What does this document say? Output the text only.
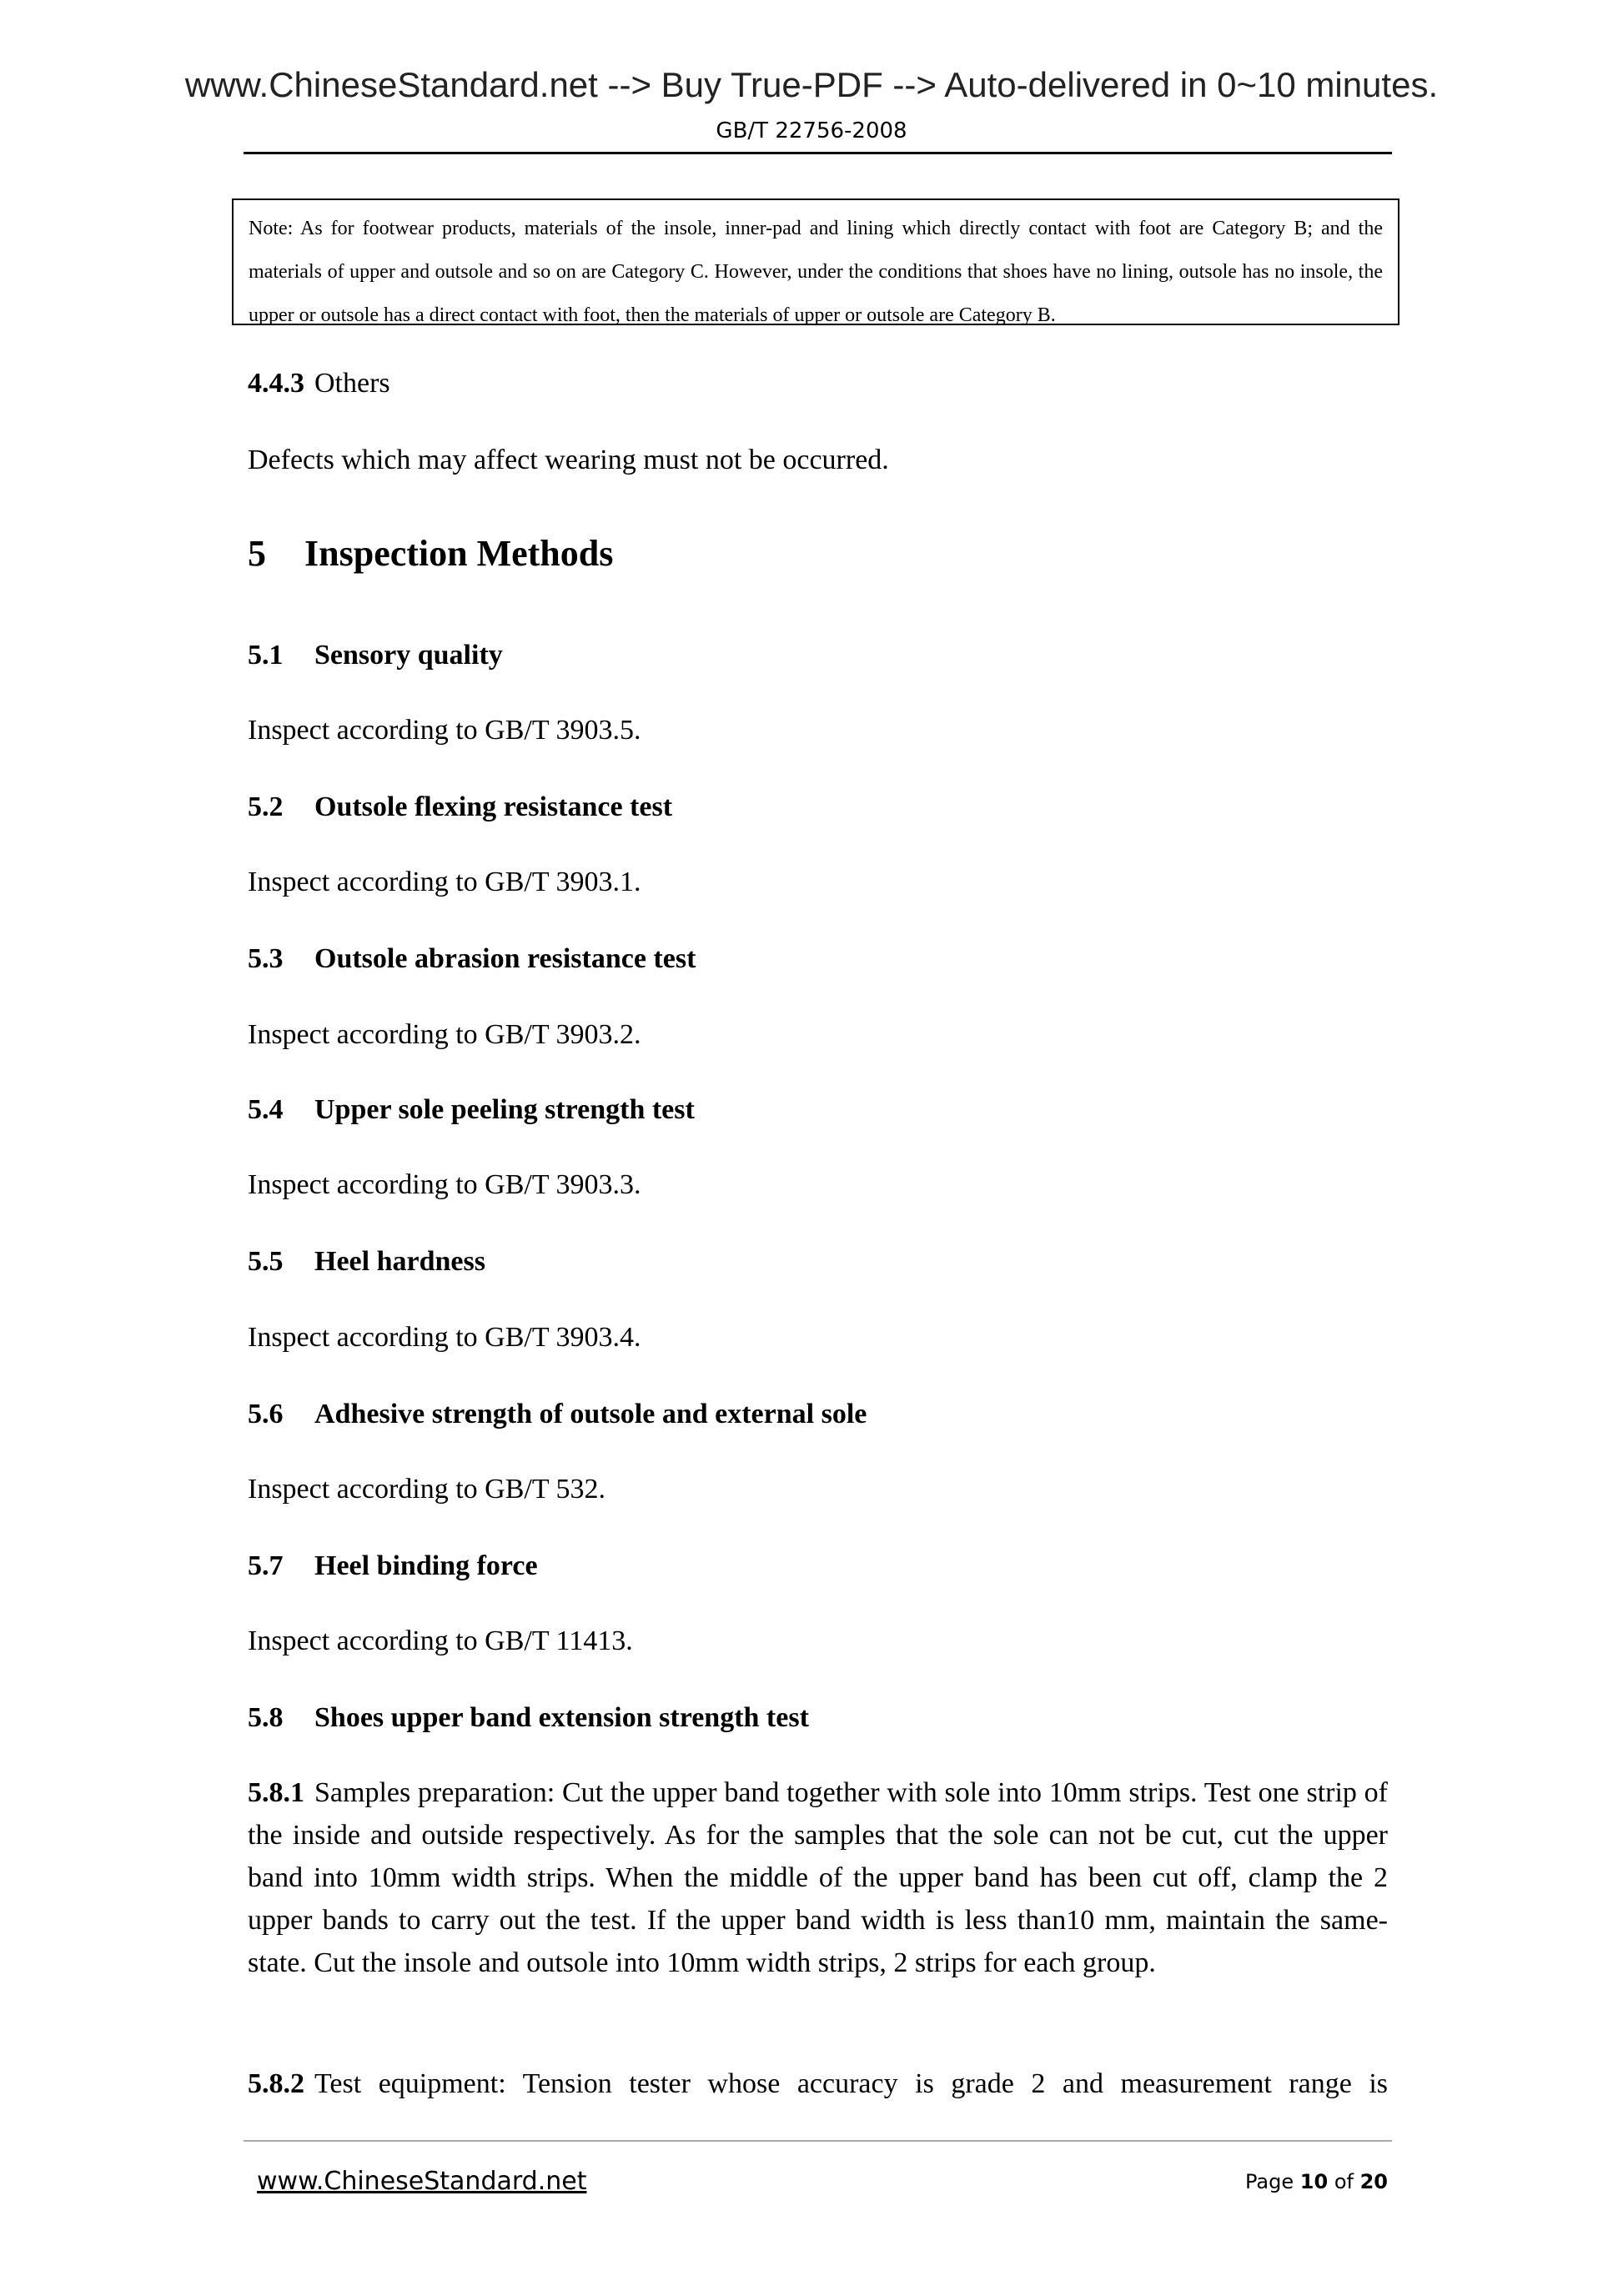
www.ChineseStandard.net --> Buy True-PDF --> Auto-delivered in 0~10 minutes.
GB/T 22756-2008
Note: As for footwear products, materials of the insole, inner-pad and lining which directly contact with foot are Category B; and the materials of upper and outsole and so on are Category C. However, under the conditions that shoes have no lining, outsole has no insole, the upper or outsole has a direct contact with foot, then the materials of upper or outsole are Category B.
4.4.3 Others
Defects which may affect wearing must not be occurred.
5 Inspection Methods
5.1 Sensory quality
Inspect according to GB/T 3903.5.
5.2 Outsole flexing resistance test
Inspect according to GB/T 3903.1.
5.3 Outsole abrasion resistance test
Inspect according to GB/T 3903.2.
5.4 Upper sole peeling strength test
Inspect according to GB/T 3903.3.
5.5 Heel hardness
Inspect according to GB/T 3903.4.
5.6 Adhesive strength of outsole and external sole
Inspect according to GB/T 532.
5.7 Heel binding force
Inspect according to GB/T 11413.
5.8 Shoes upper band extension strength test
5.8.1 Samples preparation: Cut the upper band together with sole into 10mm strips. Test one strip of the inside and outside respectively. As for the samples that the sole can not be cut, cut the upper band into 10mm width strips. When the middle of the upper band has been cut off, clamp the 2 upper bands to carry out the test. If the upper band width is less than10 mm, maintain the same-state. Cut the insole and outsole into 10mm width strips, 2 strips for each group.
5.8.2 Test equipment: Tension tester whose accuracy is grade 2 and measurement range is
www.ChineseStandard.net	Page 10 of 20
